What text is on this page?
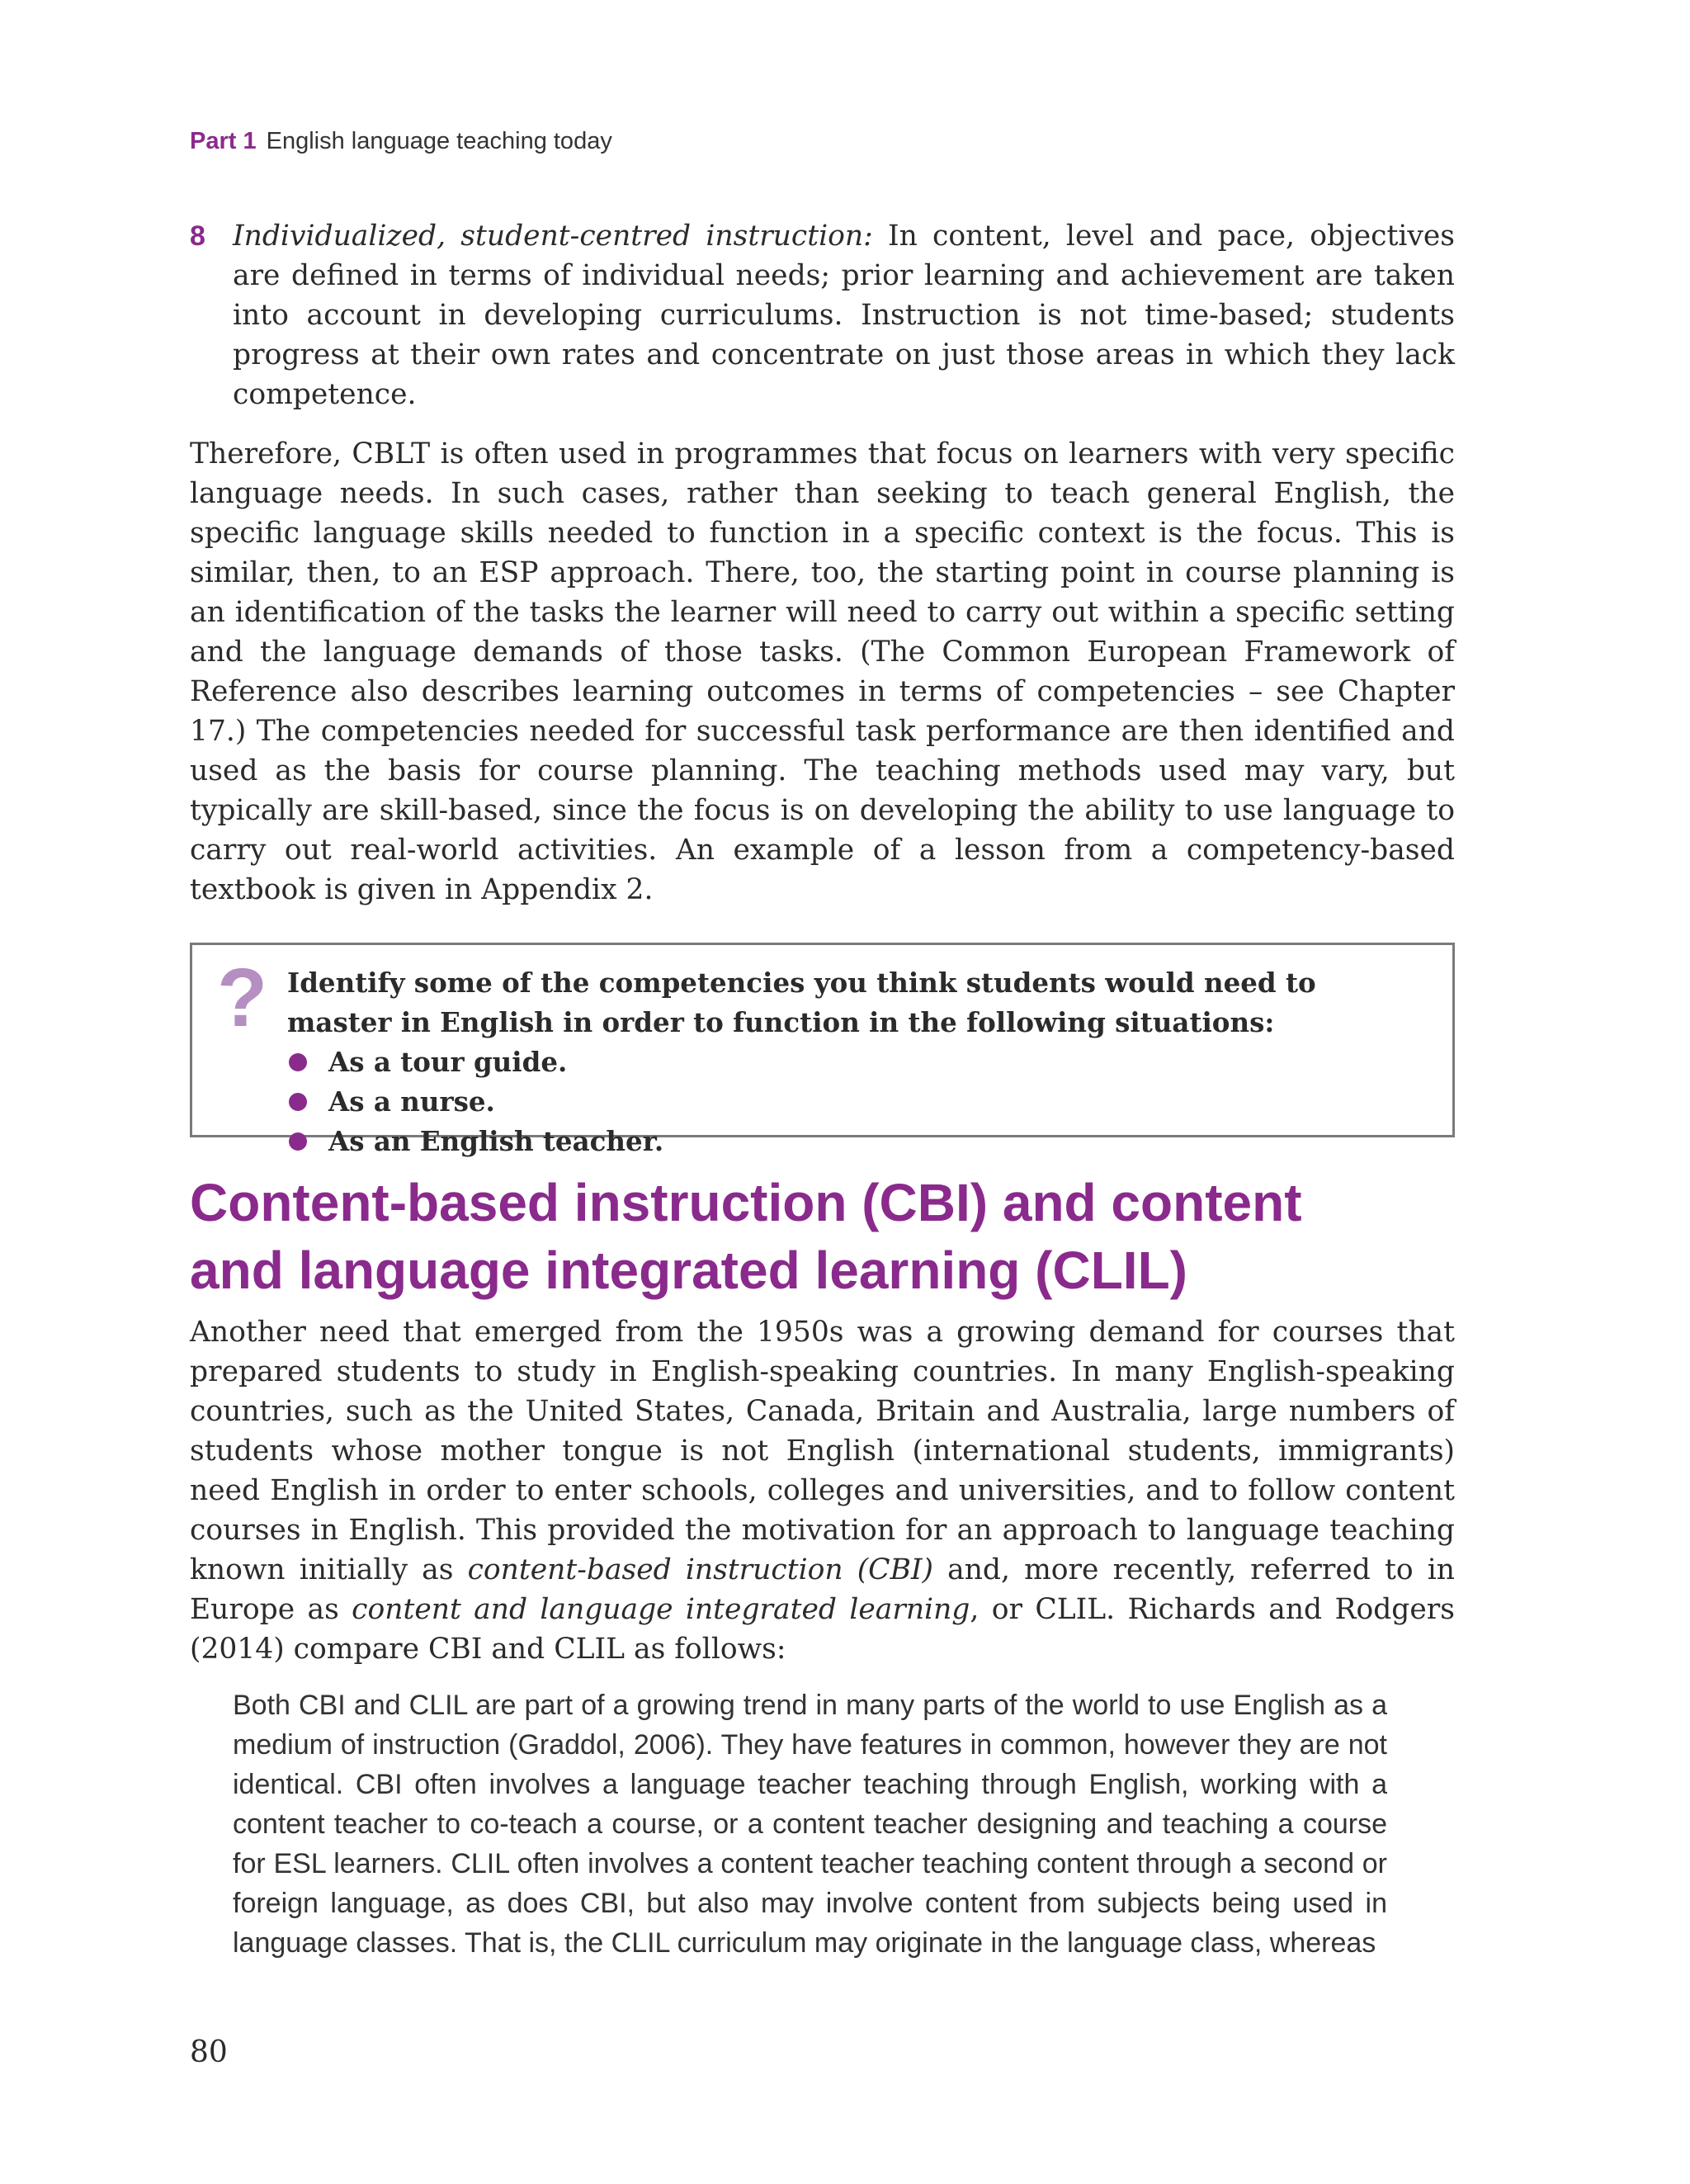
Part 1 English language teaching today
8 Individualized, student-centred instruction: In content, level and pace, objectives are defined in terms of individual needs; prior learning and achievement are taken into account in developing curriculums. Instruction is not time-based; students progress at their own rates and concentrate on just those areas in which they lack competence.

Therefore, CBLT is often used in programmes that focus on learners with very specific language needs. In such cases, rather than seeking to teach general English, the specific language skills needed to function in a specific context is the focus. This is similar, then, to an ESP approach. There, too, the starting point in course planning is an identification of the tasks the learner will need to carry out within a specific setting and the language demands of those tasks. (The Common European Framework of Reference also describes learning outcomes in terms of competencies – see Chapter 17.) The competencies needed for successful task performance are then identified and used as the basis for course planning. The teaching methods used may vary, but typically are skill-based, since the focus is on developing the ability to use language to carry out real-world activities. An example of a lesson from a competency-based textbook is given in Appendix 2.

? Identify some of the competencies you think students would need to master in English in order to function in the following situations:
As a tour guide.
As a nurse.
As an English teacher.
Content-based instruction (CBI) and content and language integrated learning (CLIL)

Another need that emerged from the 1950s was a growing demand for courses that prepared students to study in English-speaking countries. In many English-speaking countries, such as the United States, Canada, Britain and Australia, large numbers of students whose mother tongue is not English (international students, immigrants) need English in order to enter schools, colleges and universities, and to follow content courses in English. This provided the motivation for an approach to language teaching known initially as content-based instruction (CBI) and, more recently, referred to in Europe as content and language integrated learning, or CLIL. Richards and Rodgers (2014) compare CBI and CLIL as follows:

Both CBI and CLIL are part of a growing trend in many parts of the world to use English as a medium of instruction (Graddol, 2006). They have features in common, however they are not identical. CBI often involves a language teacher teaching through English, working with a content teacher to co-teach a course, or a content teacher designing and teaching a course for ESL learners. CLIL often involves a content teacher teaching content through a second or foreign language, as does CBI, but also may involve content from subjects being used in language classes. That is, the CLIL curriculum may originate in the language class, whereas
80
